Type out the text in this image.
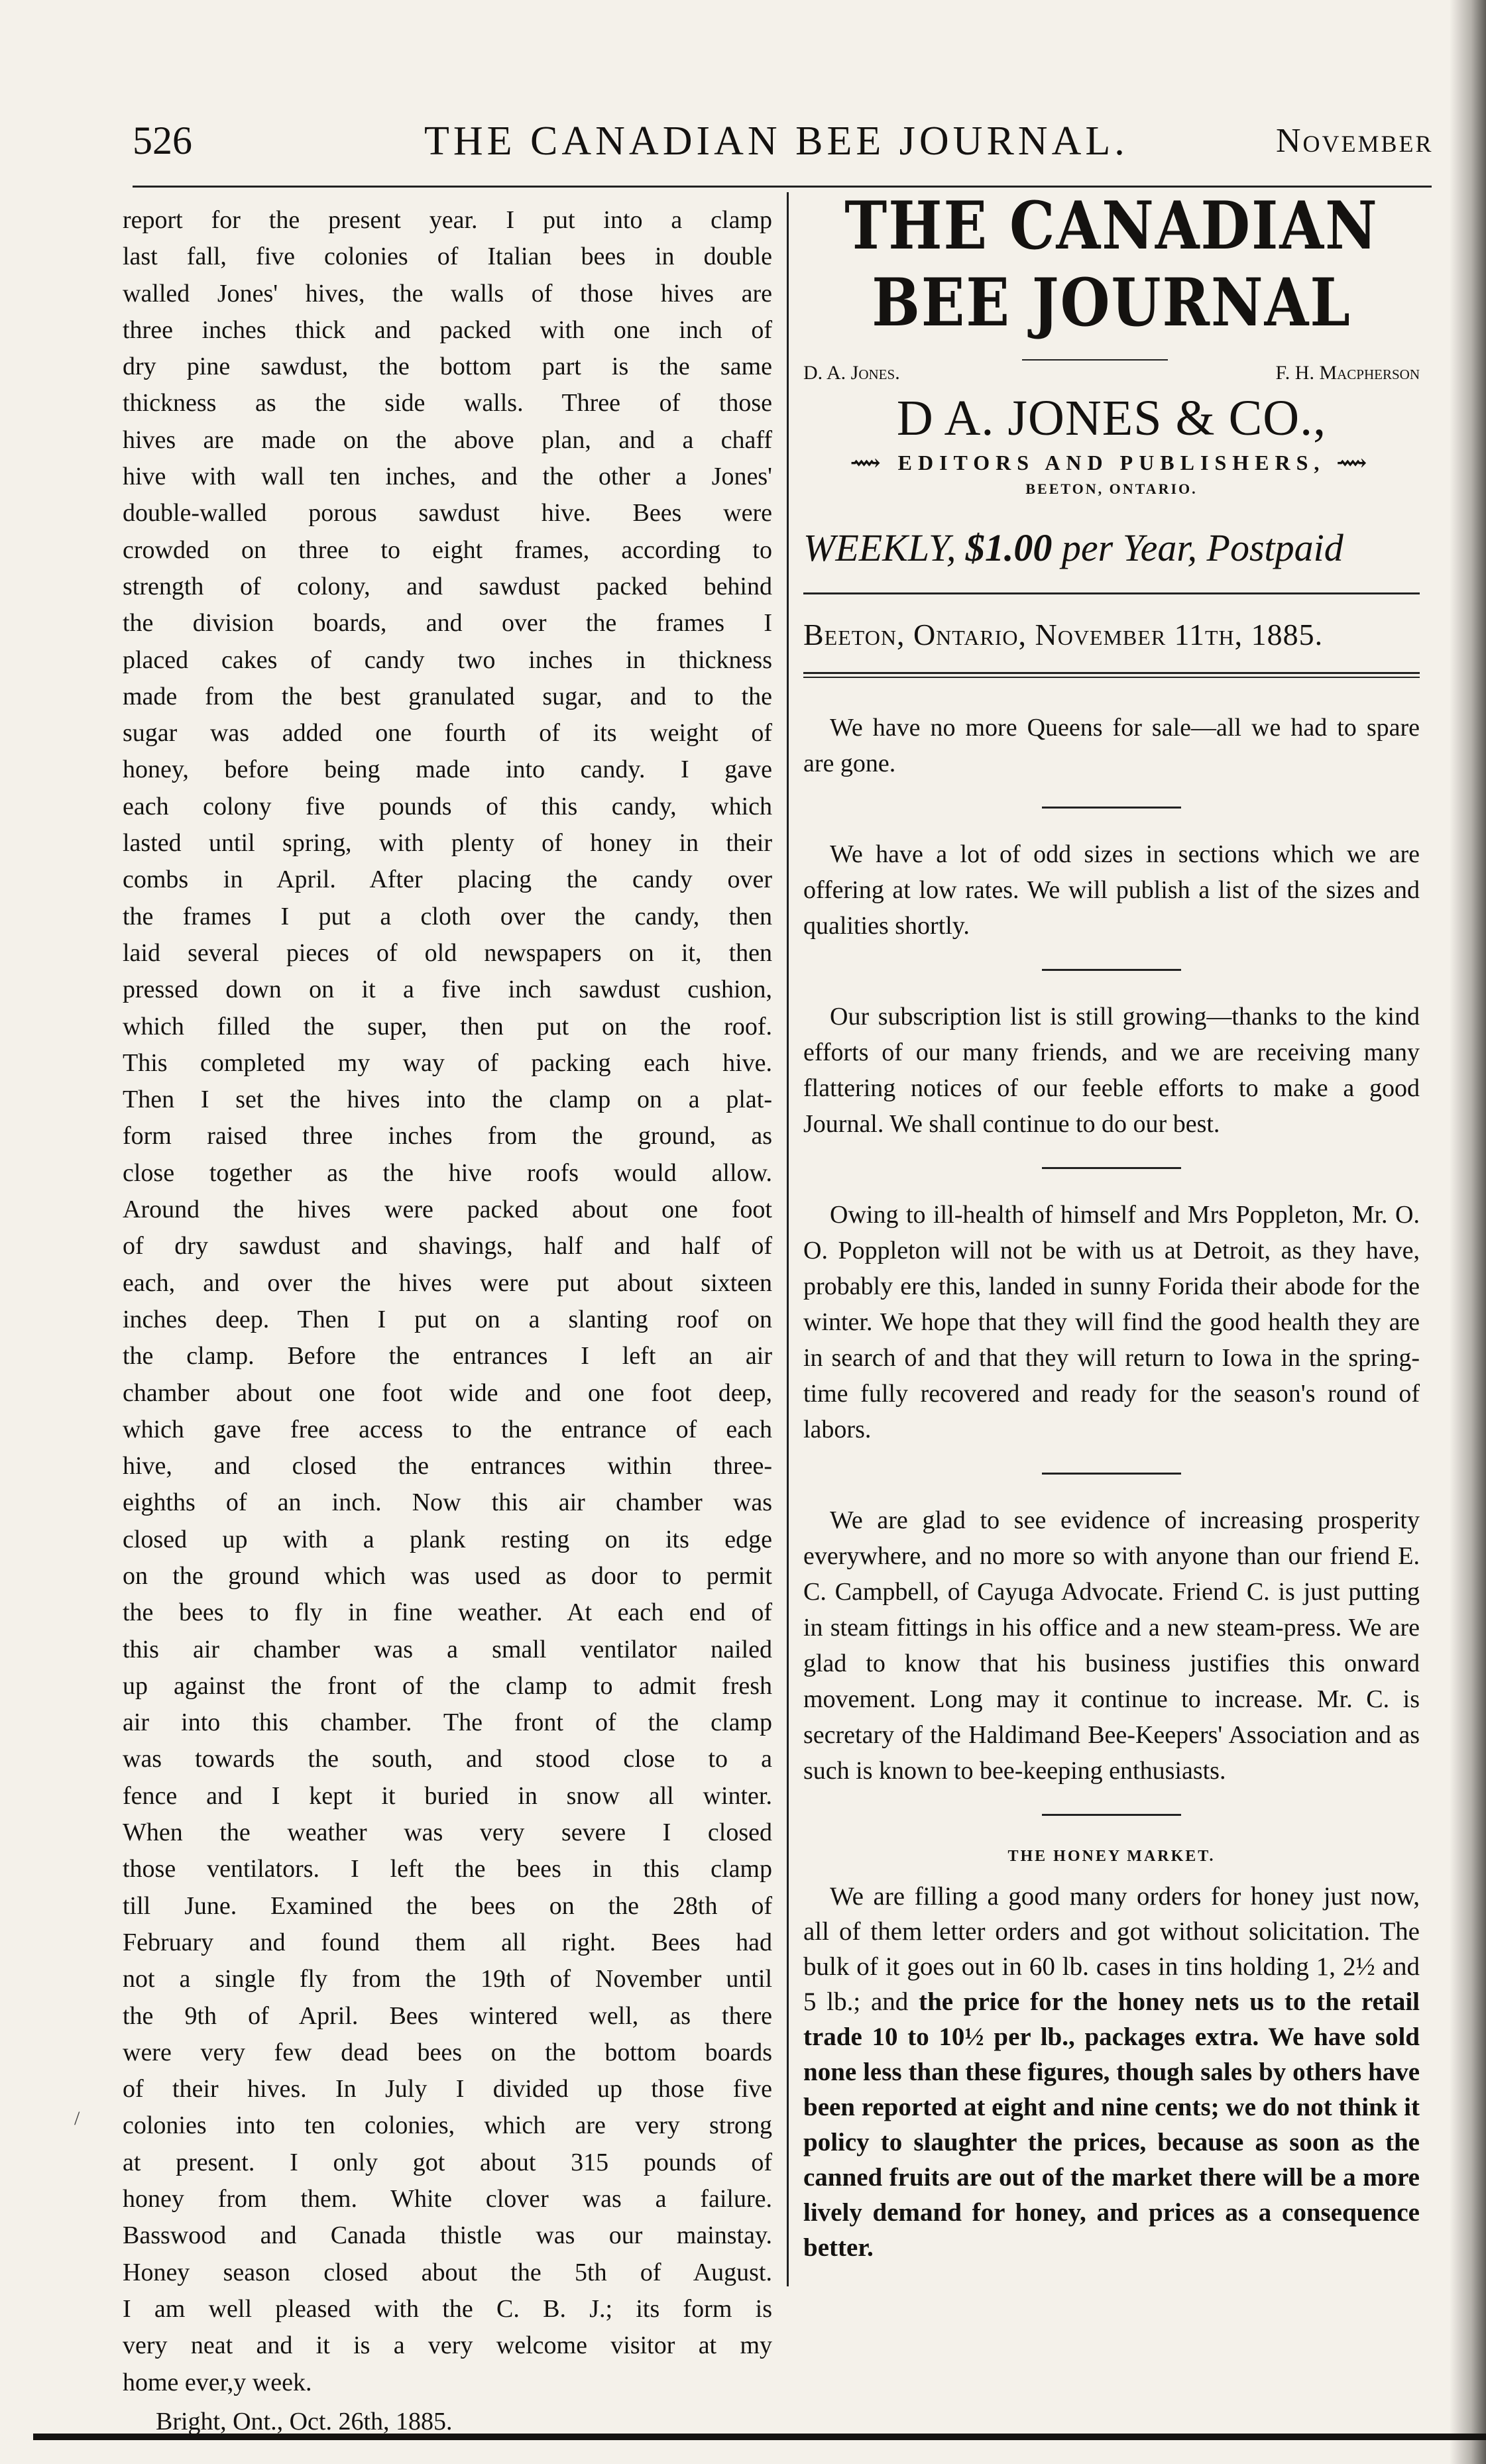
526	THE CANADIAN BEE JOURNAL.	November

report for the present year. I put into a clamp

last fall, five colonies of Italian bees in double

walled Jones' hives, the walls of those hives are

three inches thick and packed with one inch of

dry pine sawdust, the bottom part is the same

thickness as the side walls. Three of those

hives are made on the above plan, and a chaff

hive with wall ten inches, and the other a Jones'

double-walled porous sawdust hive. Bees were

crowded on three to eight frames, according to

strength of colony, and sawdust packed behind

the division boards, and over the frames I

placed cakes of candy two inches in thickness

made from the best granulated sugar, and to the

sugar was added one fourth of its weight of

honey, before being made into candy. I gave

each colony five pounds of this candy, which

lasted until spring, with plenty of honey in their

combs in April. After placing the candy over

the frames I put a cloth over the candy, then

laid several pieces of old newspapers on it, then

pressed down on it a five inch sawdust cushion,

which filled the super, then put on the roof.

This completed my way of packing each hive.

Then I set the hives into the clamp on a plat-

form raised three inches from the ground, as

close together as the hive roofs would allow.

Around the hives were packed about one foot

of dry sawdust and shavings, half and half of

each, and over the hives were put about sixteen

inches deep. Then I put on a slanting roof on

the clamp. Before the entrances I left an air

chamber about one foot wide and one foot deep,

which gave free access to the entrance of each

hive, and closed the entrances within three-

eighths of an inch. Now this air chamber was

closed up with a plank resting on its edge

on the ground which was used as door to permit

the bees to fly in fine weather. At each end of

this air chamber was a small ventilator nailed

up against the front of the clamp to admit fresh

air into this chamber. The front of the clamp

was towards the south, and stood close to a

fence and I kept it buried in snow all winter.

When the weather was very severe I closed

those ventilators. I left the bees in this clamp

till June. Examined the bees on the 28th of

February and found them all right. Bees had

not a single fly from the 19th of November until

the 9th of April. Bees wintered well, as there

were very few dead bees on the bottom boards

of their hives. In July I divided up those five

colonies into ten colonies, which are very strong

at present. I only got about 315 pounds of

honey from them. White clover was a failure.

Basswood and Canada thistle was our mainstay.

Honey season closed about the 5th of August.

I am well pleased with the C. B. J.; its form is

very neat and it is a very welcome visitor at my

home ever,y week.

Bright, Ont., Oct. 26th, 1885.
THE CANADIAN BEE JOURNAL
D. A. Jones.	F. H. Macpherson
D A. JONES & CO.,
⟿ EDITORS AND PUBLISHERS, ⟿
BEETON, ONTARIO.
WEEKLY, $1.00 per Year, Postpaid
Beeton, Ontario, November 11th, 1885.

We have no more Queens for sale—all we had to spare are gone.

We have a lot of odd sizes in sections which we are offering at low rates. We will publish a list of the sizes and qualities shortly.

Our subscription list is still growing—thanks to the kind efforts of our many friends, and we are receiving many flattering notices of our feeble efforts to make a good Journal. We shall continue to do our best.

Owing to ill-health of himself and Mrs Poppleton, Mr. O. O. Poppleton will not be with us at Detroit, as they have, probably ere this, landed in sunny Forida their abode for the winter. We hope that they will find the good health they are in search of and that they will return to Iowa in the spring-time fully recovered and ready for the season's round of labors.

We are glad to see evidence of increasing prosperity everywhere, and no more so with anyone than our friend E. C. Campbell, of Cayuga Advocate. Friend C. is just putting in steam fittings in his office and a new steam-press. We are glad to know that his business justifies this onward movement. Long may it continue to increase. Mr. C. is secretary of the Haldimand Bee-Keepers' Association and as such is known to bee-keeping enthusiasts.

THE HONEY MARKET.

We are filling a good many orders for honey just now, all of them letter orders and got without solicitation. The bulk of it goes out in 60 lb. cases in tins holding 1, 2½ and 5 lb.; and the price for the honey nets us to the retail trade 10 to 10½ per lb., packages extra. We have sold none less than these figures, though sales by others have been reported at eight and nine cents; we do not think it policy to slaughter the prices, because as soon as the canned fruits are out of the market there will be a more lively demand for honey, and prices as a consequence better.

/
